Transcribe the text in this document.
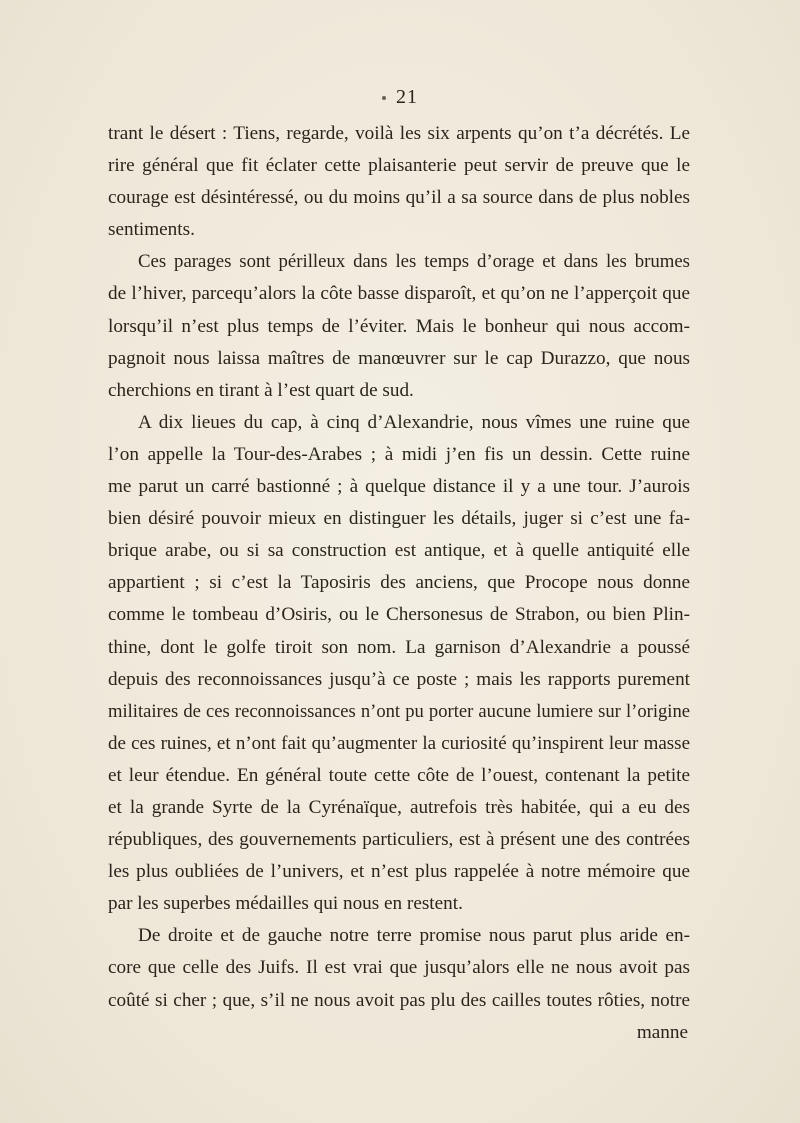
21

trant le désert : Tiens, regarde, voilà les six arpents qu’on t’a décrétés. Le
rire général que fit éclater cette plaisanterie peut servir de preuve que le
courage est désintéressé, ou du moins qu’il a sa source dans de plus nobles
sentiments.

Ces parages sont périlleux dans les temps d’orage et dans les brumes
de l’hiver, parcequ’alors la côte basse disparoît, et qu’on ne l’apperçoit que
lorsqu’il n’est plus temps de l’éviter. Mais le bonheur qui nous accom-
pagnoit nous laissa maîtres de manœuvrer sur le cap Durazzo, que nous
cherchions en tirant à l’est quart de sud.

A dix lieues du cap, à cinq d’Alexandrie, nous vîmes une ruine que
l’on appelle la Tour-des-Arabes ; à midi j’en fis un dessin. Cette ruine
me parut un carré bastionné ; à quelque distance il y a une tour. J’aurois
bien désiré pouvoir mieux en distinguer les détails, juger si c’est une fa-
brique arabe, ou si sa construction est antique, et à quelle antiquité elle
appartient ; si c’est la Taposiris des anciens, que Procope nous donne
comme le tombeau d’Osiris, ou le Chersonesus de Strabon, ou bien Plin-
thine, dont le golfe tiroit son nom. La garnison d’Alexandrie a poussé
depuis des reconnoissances jusqu’à ce poste ; mais les rapports purement
militaires de ces reconnoissances n’ont pu porter aucune lumiere sur l’origine
de ces ruines, et n’ont fait qu’augmenter la curiosité qu’inspirent leur masse
et leur étendue. En général toute cette côte de l’ouest, contenant la petite
et la grande Syrte de la Cyrénaïque, autrefois très habitée, qui a eu des
républiques, des gouvernements particuliers, est à présent une des contrées
les plus oubliées de l’univers, et n’est plus rappelée à notre mémoire que
par les superbes médailles qui nous en restent.

De droite et de gauche notre terre promise nous parut plus aride en-
core que celle des Juifs. Il est vrai que jusqu’alors elle ne nous avoit pas
coûté si cher ; que, s’il ne nous avoit pas plu des cailles toutes rôties, notre
manne
